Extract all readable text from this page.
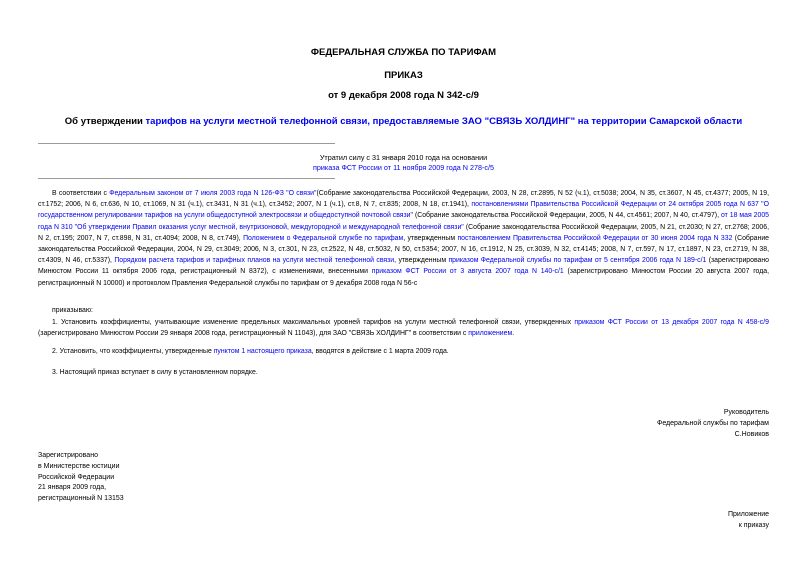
ФЕДЕРАЛЬНАЯ СЛУЖБА ПО ТАРИФАМ
ПРИКАЗ
от 9 декабря 2008 года N 342-с/9
Об утверждении тарифов на услуги местной телефонной связи, предоставляемые ЗАО "СВЯЗЬ ХОЛДИНГ" на территории Самарской области
Утратил силу с 31 января 2010 года на основании
приказа ФСТ России от 11 ноября 2009 года N 278-с/5
В соответствии с Федеральным законом от 7 июля 2003 года N 126-ФЗ "О связи"(Собрание законодательства Российской Федерации, 2003, N 28, ст.2895, N 52 (ч.1), ст.5038; 2004, N 35, ст.3607, N 45, ст.4377; 2005, N 19, ст.1752; 2006, N 6, ст.636, N 10, ст.1069, N 31 (ч.1), ст.3431, N 31 (ч.1), ст.3452; 2007, N 1 (ч.1), ст.8, N 7, ст.835; 2008, N 18, ст.1941), постановлениями Правительства Российской Федерации от 24 октября 2005 года N 637 "О государственном регулировании тарифов на услуги общедоступной электросвязи и общедоступной почтовой связи" (Собрание законодательства Российской Федерации, 2005, N 44, ст.4561; 2007, N 40, ст.4797), от 18 мая 2005 года N 310 "Об утверждении Правил оказания услуг местной, внутризоновой, междугородной и международной телефонной связи" (Собрание законодательства Российской Федерации, 2005, N 21, ст.2030; N 27, ст.2768; 2006, N 2, ст.195; 2007, N 7, ст.898, N 31, ст.4094; 2008, N 8, ст.749), Положением о Федеральной службе по тарифам, утвержденным постановлением Правительства Российской Федерации от 30 июня 2004 года N 332 (Собрание законодательства Российской Федерации, 2004, N 29, ст.3049; 2006, N 3, ст.301, N 23, ст.2522, N 48, ст.5032, N 50, ст.5354; 2007, N 16, ст.1912, N 25, ст.3039, N 32, ст.4145; 2008, N 7, ст.597, N 17, ст.1897, N 23, ст.2719, N 38, ст.4309, N 46, ст.5337), Порядком расчета тарифов и тарифных планов на услуги местной телефонной связи, утвержденным приказом Федеральной службы по тарифам от 5 сентября 2006 года N 189-с/1 (зарегистрировано Минюстом России 11 октября 2006 года, регистрационный N 8372), с изменениями, внесенными приказом ФСТ России от 3 августа 2007 года N 140-с/1 (зарегистрировано Минюстом России 20 августа 2007 года, регистрационный N 10000) и протоколом Правления Федеральной службы по тарифам от 9 декабря 2008 года N 56-с
приказываю:
1. Установить коэффициенты, учитывающие изменение предельных максимальных уровней тарифов на услуги местной телефонной связи, утвержденных приказом ФСТ России от 13 декабря 2007 года N 458-с/9 (зарегистрировано Минюстом России 29 января 2008 года, регистрационный N 11043), для ЗАО "СВЯЗЬ ХОЛДИНГ" в соответствии с приложением.
2. Установить, что коэффициенты, утвержденные пунктом 1 настоящего приказа, вводятся в действие с 1 марта 2009 года.
3. Настоящий приказ вступает в силу в установленном порядке.
Руководитель
Федеральной службы по тарифам
С.Новиков
Зарегистрировано
в Министерстве юстиции
Российской Федерации
21 января 2009 года,
регистрационный N 13153
Приложение
к приказу
